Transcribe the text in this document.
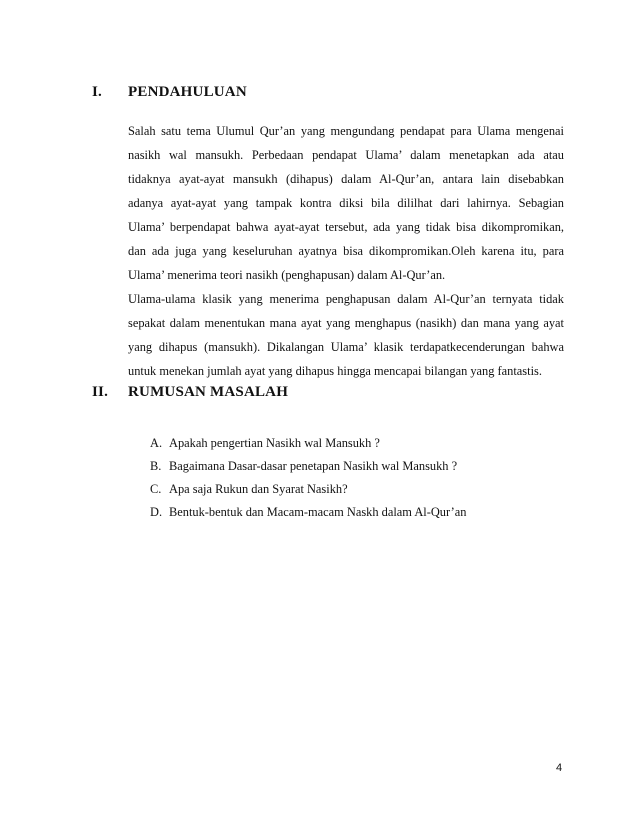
I. PENDAHULUAN
Salah satu tema Ulumul Qur’an yang mengundang pendapat para Ulama mengenai
nasikh wal mansukh. Perbedaan pendapat Ulama’ dalam menetapkan ada atau
tidaknya ayat-ayat mansukh (dihapus) dalam Al-Qur’an, antara lain disebabkan
adanya ayat-ayat yang tampak kontra diksi bila dililhat dari lahirnya. Sebagian
Ulama’ berpendapat bahwa ayat-ayat tersebut, ada yang tidak bisa dikompromikan,
dan ada juga yang keseluruhan ayatnya bisa dikompromikan.Oleh karena itu, para
Ulama’ menerima teori nasikh (penghapusan) dalam Al-Qur’an.
Ulama-ulama klasik yang menerima penghapusan dalam Al-Qur’an ternyata tidak
sepakat dalam menentukan mana ayat yang menghapus (nasikh) dan mana yang ayat
yang dihapus (mansukh). Dikalangan Ulama’ klasik terdapatkecenderungan bahwa
untuk menekan jumlah ayat yang dihapus hingga mencapai bilangan yang fantastis.
II. RUMUSAN MASALAH
A. Apakah pengertian Nasikh wal Mansukh ?
B. Bagaimana Dasar-dasar penetapan Nasikh wal Mansukh ?
C. Apa saja Rukun dan Syarat Nasikh?
D. Bentuk-bentuk dan Macam-macam Naskh dalam Al-Qur’an
4
